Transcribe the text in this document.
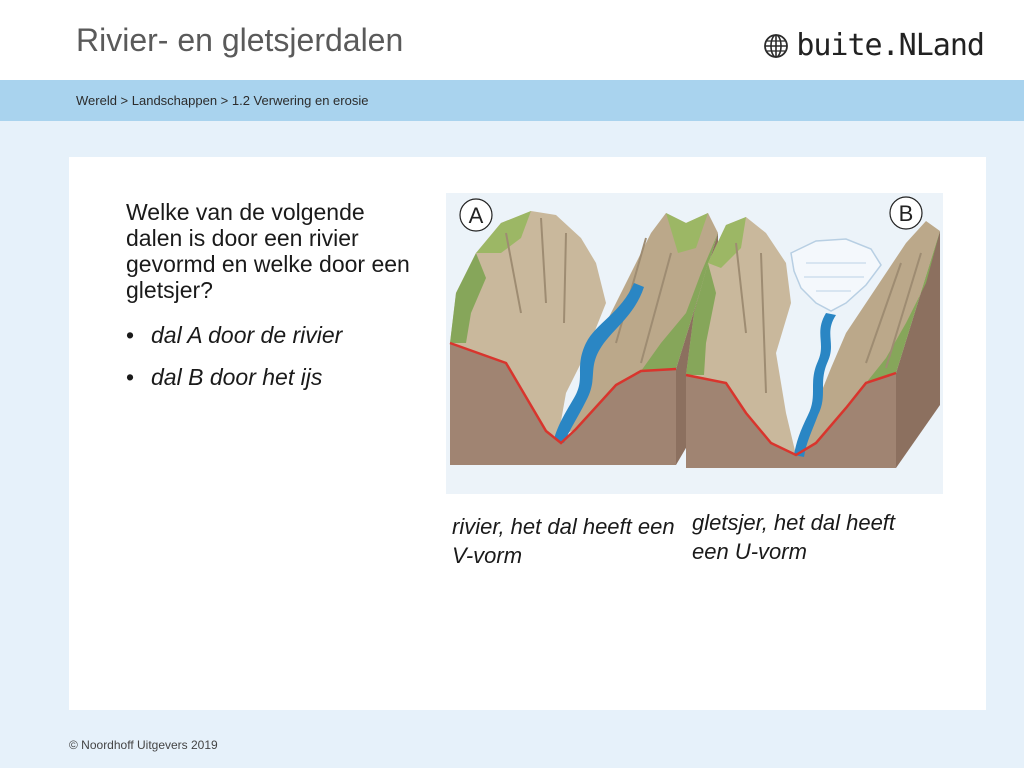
Rivier- en gletsjerdalen	buite.NLand
Wereld > Landschappen > 1.2 Verwering en erosie
Welke van de volgende dalen is door een rivier gevormd en welke door een gletsjer?
• dal A door de rivier
• dal B door het ijs
A	B
rivier, het dal heeft een V-vorm
gletsjer, het dal heeft een U-vorm
© Noordhoff Uitgevers 2019
